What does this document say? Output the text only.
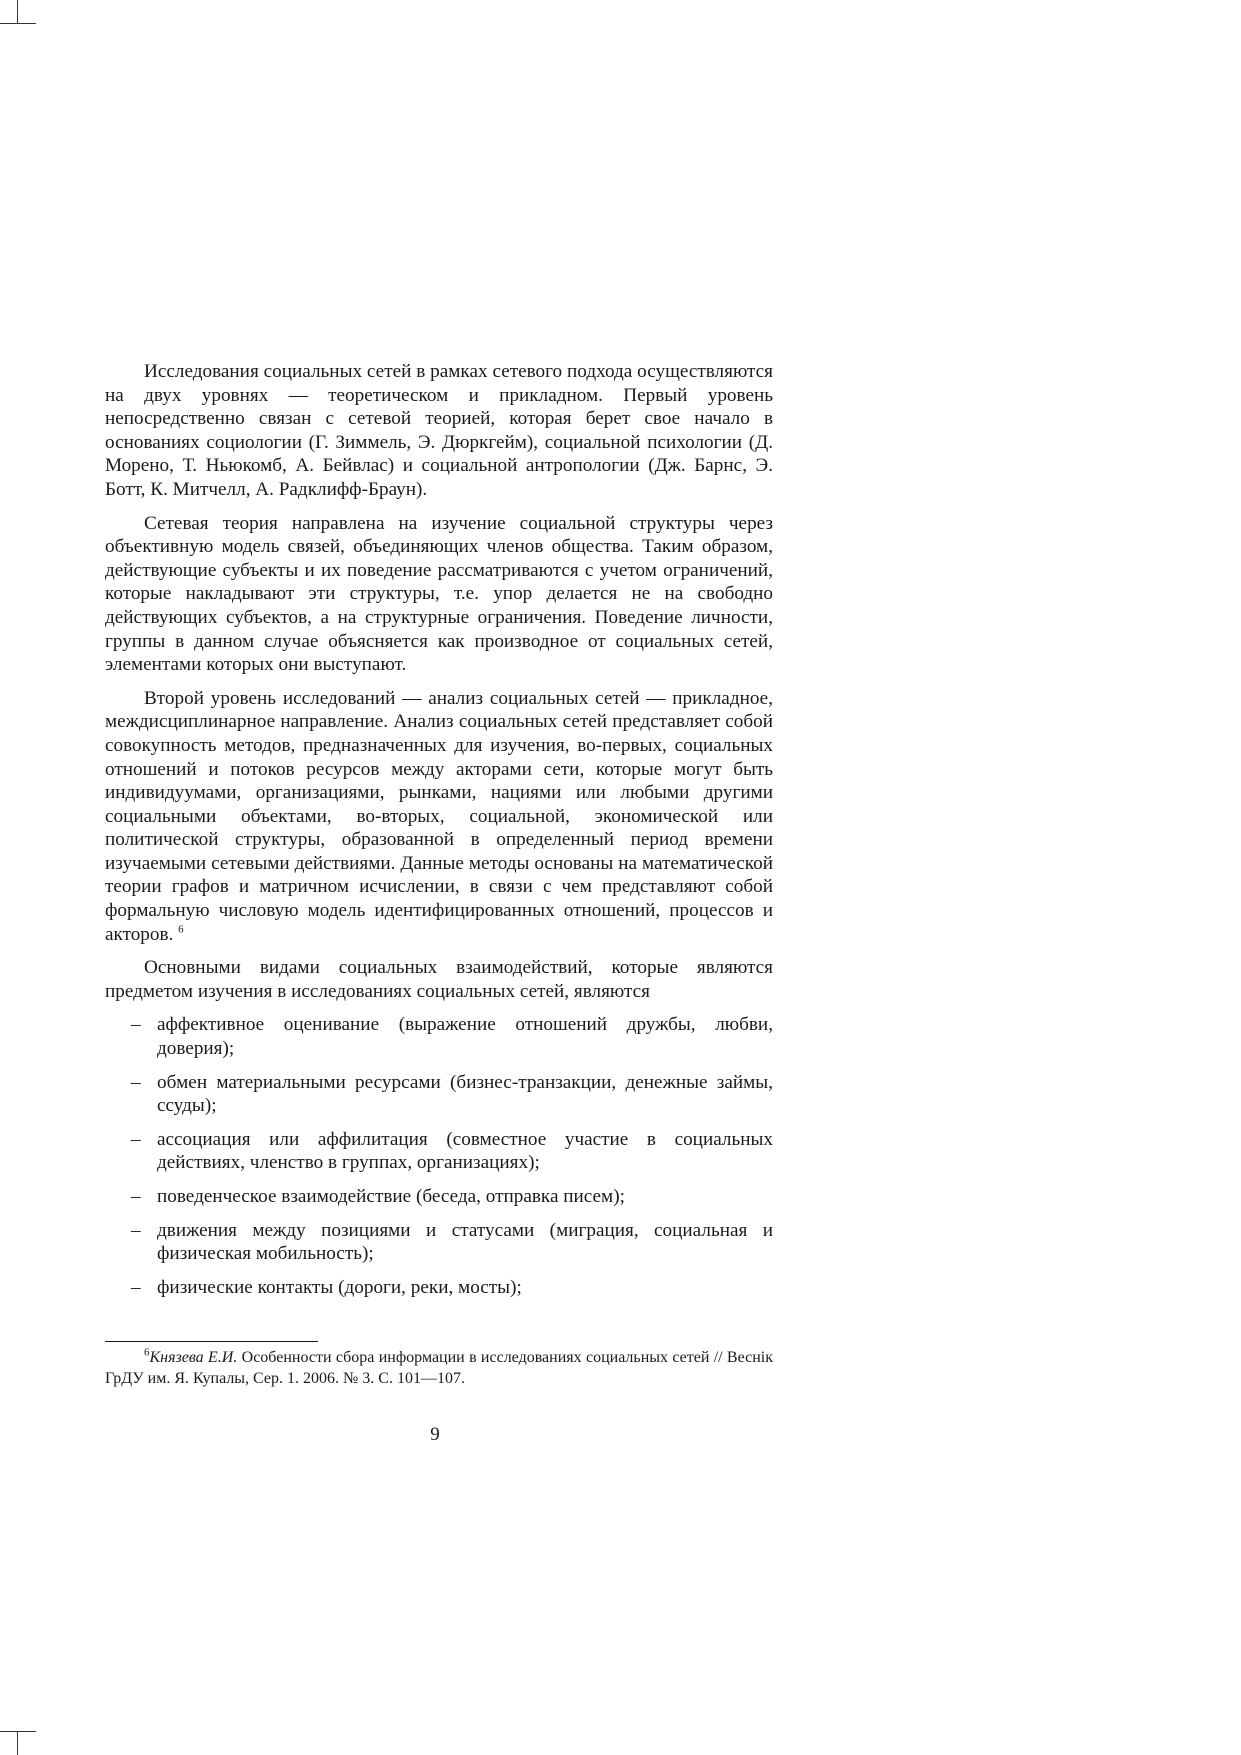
Исследования социальных сетей в рамках сетевого подхода осуществляются на двух уровнях — теоретическом и прикладном. Первый уровень непосредственно связан с сетевой теорией, которая берет свое начало в основаниях социологии (Г. Зиммель, Э. Дюркгейм), социальной психологии (Д. Морено, Т. Ньюкомб, А. Бейвлас) и социальной антропологии (Дж. Барнс, Э. Ботт, К. Митчелл, А. Радклифф-Браун).

Сетевая теория направлена на изучение социальной структуры через объективную модель связей, объединяющих членов общества. Таким образом, действующие субъекты и их поведение рассматриваются с учетом ограничений, которые накладывают эти структуры, т.е. упор делается не на свободно действующих субъектов, а на структурные ограничения. Поведение личности, группы в данном случае объясняется как производное от социальных сетей, элементами которых они выступают.

Второй уровень исследований — анализ социальных сетей — прикладное, междисциплинарное направление. Анализ социальных сетей представляет собой совокупность методов, предназначенных для изучения, во-первых, социальных отношений и потоков ресурсов между акторами сети, которые могут быть индивидуумами, организациями, рынками, нациями или любыми другими социальными объектами, во-вторых, социальной, экономической или политической структуры, образованной в определенный период времени изучаемыми сетевыми действиями. Данные методы основаны на математической теории графов и матричном исчислении, в связи с чем представляют собой формальную числовую модель идентифицированных отношений, процессов и акторов. $^6$

Основными видами социальных взаимодействий, которые являются предметом изучения в исследованиях социальных сетей, являются

– аффективное оценивание (выражение отношений дружбы, любви, доверия);
– обмен материальными ресурсами (бизнес-транзакции, денежные займы, ссуды);
– ассоциация или аффилитация (совместное участие в социальных действиях, членство в группах, организациях);
– поведенческое взаимодействие (беседа, отправка писем);
– движения между позициями и статусами (миграция, социальная и физическая мобильность);
– физические контакты (дороги, реки, мосты);
$^6$Князева Е.И. Особенности сбора информации в исследованиях социальных сетей // Веснік ГрДУ им. Я. Купалы, Сер. 1. 2006. № 3. С. 101—107.
9
